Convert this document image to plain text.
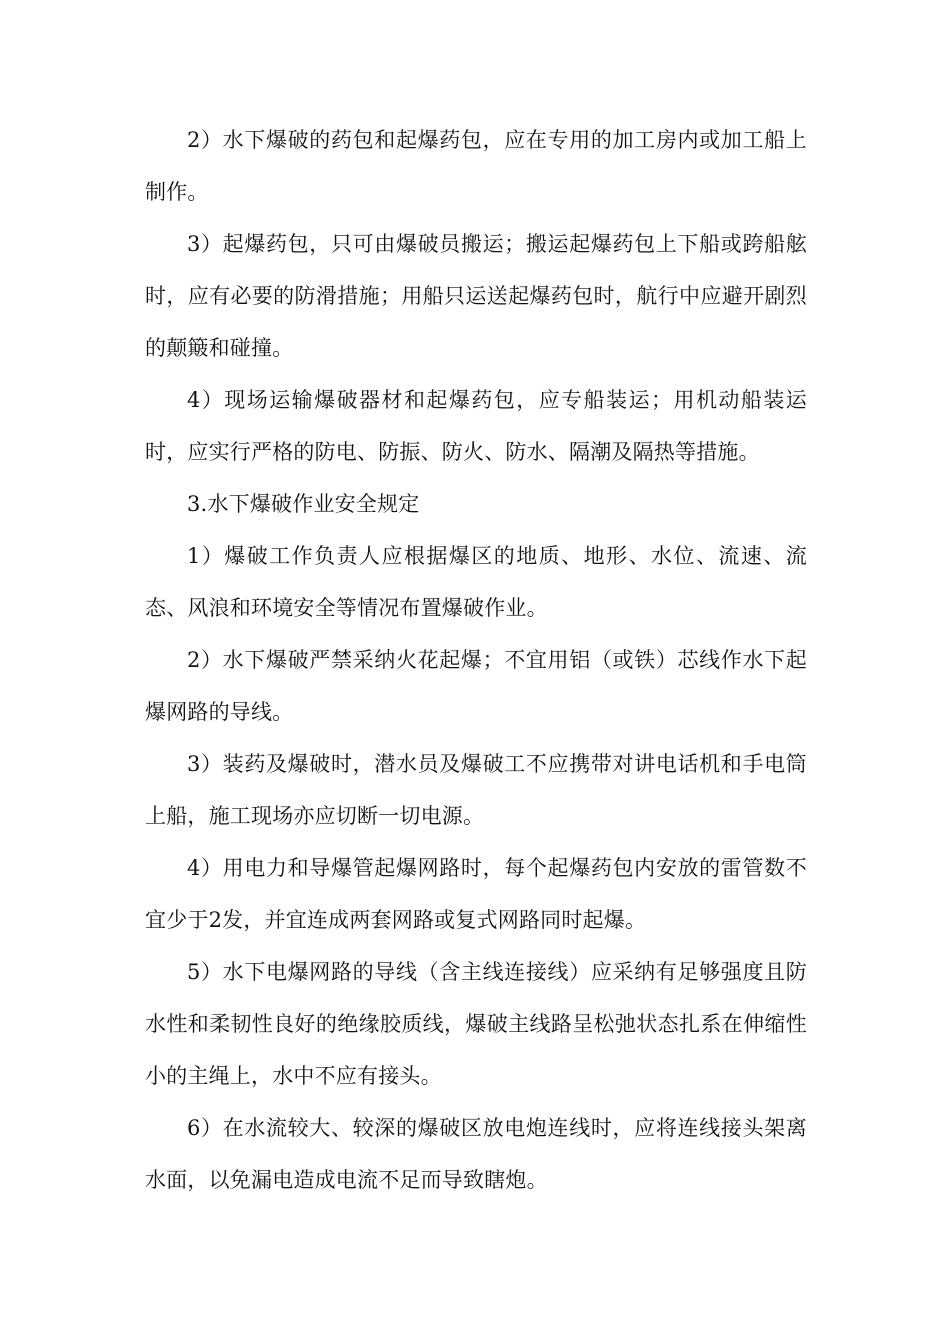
2）水下爆破的药包和起爆药包，应在专用的加工房内或加工船上制作。

3）起爆药包，只可由爆破员搬运；搬运起爆药包上下船或跨船舷时，应有必要的防滑措施；用船只运送起爆药包时，航行中应避开剧烈的颠簸和碰撞。

4）现场运输爆破器材和起爆药包，应专船装运；用机动船装运时，应实行严格的防电、防振、防火、防水、隔潮及隔热等措施。

3.水下爆破作业安全规定

1）爆破工作负责人应根据爆区的地质、地形、水位、流速、流态、风浪和环境安全等情况布置爆破作业。

2）水下爆破严禁采纳火花起爆；不宜用铝（或铁）芯线作水下起爆网路的导线。

3）装药及爆破时，潜水员及爆破工不应携带对讲电话机和手电筒上船，施工现场亦应切断一切电源。

4）用电力和导爆管起爆网路时，每个起爆药包内安放的雷管数不宜少于2发，并宜连成两套网路或复式网路同时起爆。

5）水下电爆网路的导线（含主线连接线）应采纳有足够强度且防水性和柔韧性良好的绝缘胶质线，爆破主线路呈松弛状态扎系在伸缩性小的主绳上，水中不应有接头。

6）在水流较大、较深的爆破区放电炮连线时，应将连线接头架离水面，以免漏电造成电流不足而导致瞎炮。
